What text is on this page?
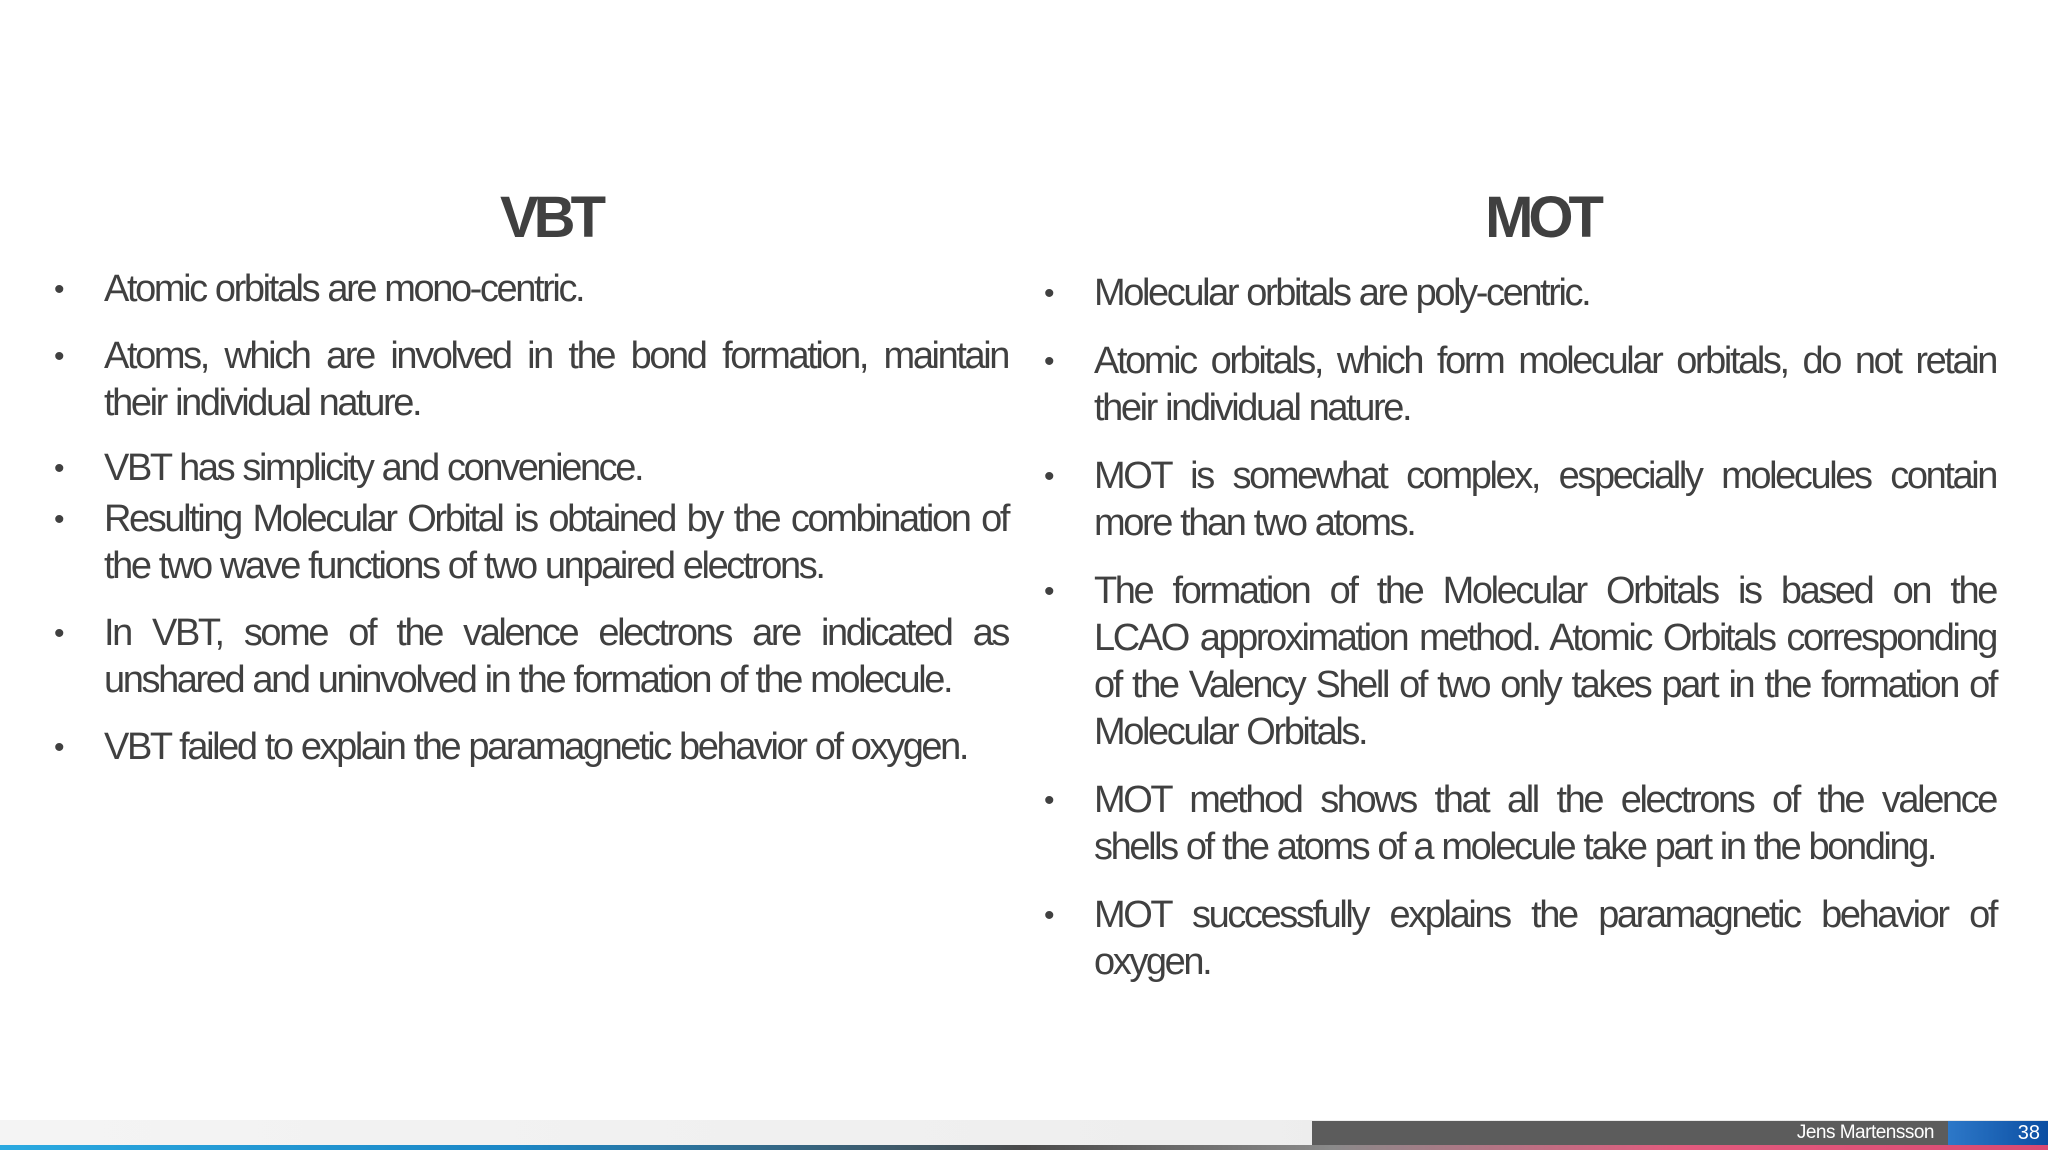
VBT
• Atomic orbitals are mono-centric.
• Atoms, which are involved in the bond formation, maintain their individual nature.
• VBT has simplicity and convenience.
• Resulting Molecular Orbital is obtained by the combination of the two wave functions of two unpaired electrons.
• In VBT, some of the valence electrons are indicated as unshared and uninvolved in the formation of the molecule.
• VBT failed to explain the paramagnetic behavior of oxygen.
MOT
• Molecular orbitals are poly-centric.
• Atomic orbitals, which form molecular orbitals, do not retain their individual nature.
• MOT is somewhat complex, especially molecules contain more than two atoms.
• The formation of the Molecular Orbitals is based on the LCAO approximation method. Atomic Orbitals corresponding of the Valency Shell of two only takes part in the formation of Molecular Orbitals.
• MOT method shows that all the electrons of the valence shells of the atoms of a molecule take part in the bonding.
• MOT successfully explains the paramagnetic behavior of oxygen.
Jens Martensson	38
